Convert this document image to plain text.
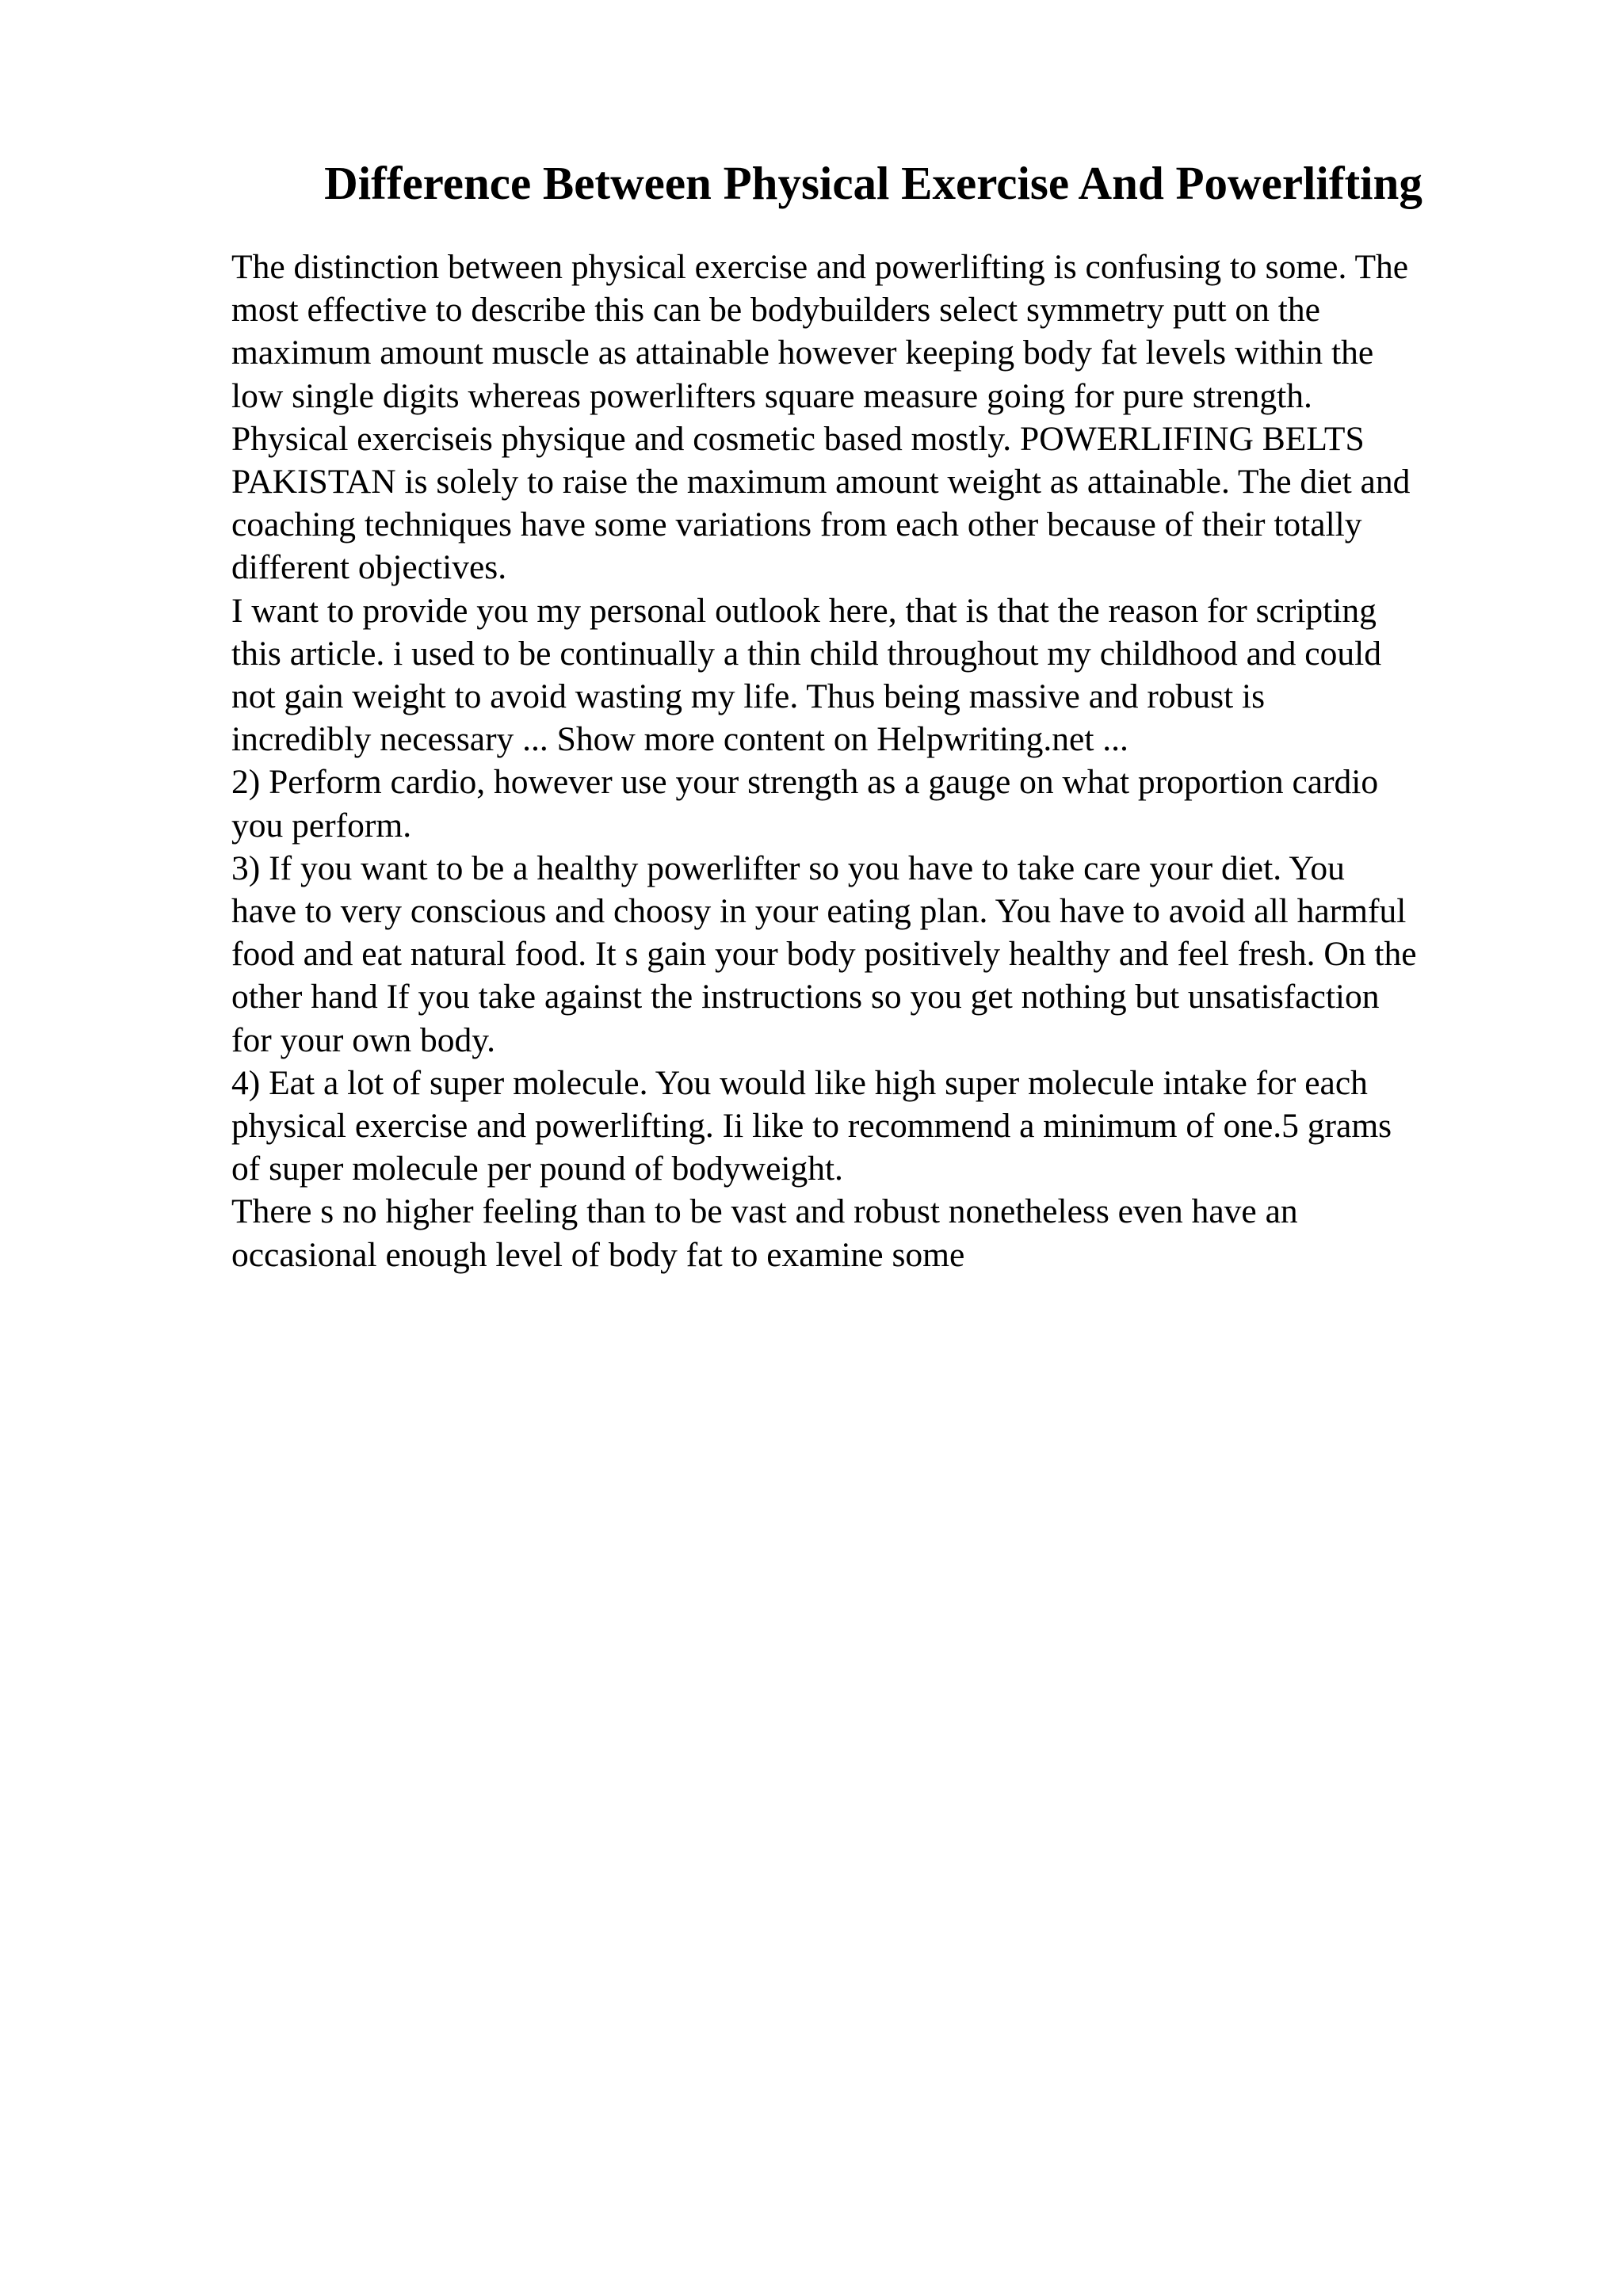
Difference Between Physical Exercise And Powerlifting

The distinction between physical exercise and powerlifting is confusing to some. The

most effective to describe this can be bodybuilders select symmetry putt on the

maximum amount muscle as attainable however keeping body fat levels within the

low single digits whereas powerlifters square measure going for pure strength.

Physical exerciseis physique and cosmetic based mostly. POWERLIFING BELTS

PAKISTAN is solely to raise the maximum amount weight as attainable. The diet and

coaching techniques have some variations from each other because of their totally

different objectives.

I want to provide you my personal outlook here, that is that the reason for scripting

this article. i used to be continually a thin child throughout my childhood and could

not gain weight to avoid wasting my life. Thus being massive and robust is

incredibly necessary ... Show more content on Helpwriting.net ...

2) Perform cardio, however use your strength as a gauge on what proportion cardio

you perform.

3) If you want to be a healthy powerlifter so you have to take care your diet. You

have to very conscious and choosy in your eating plan. You have to avoid all harmful

food and eat natural food. It s gain your body positively healthy and feel fresh. On the

other hand If you take against the instructions so you get nothing but unsatisfaction

for your own body.

4) Eat a lot of super molecule. You would like high super molecule intake for each

physical exercise and powerlifting. Ii like to recommend a minimum of one.5 grams

of super molecule per pound of bodyweight.

There s no higher feeling than to be vast and robust nonetheless even have an

occasional enough level of body fat to examine some
